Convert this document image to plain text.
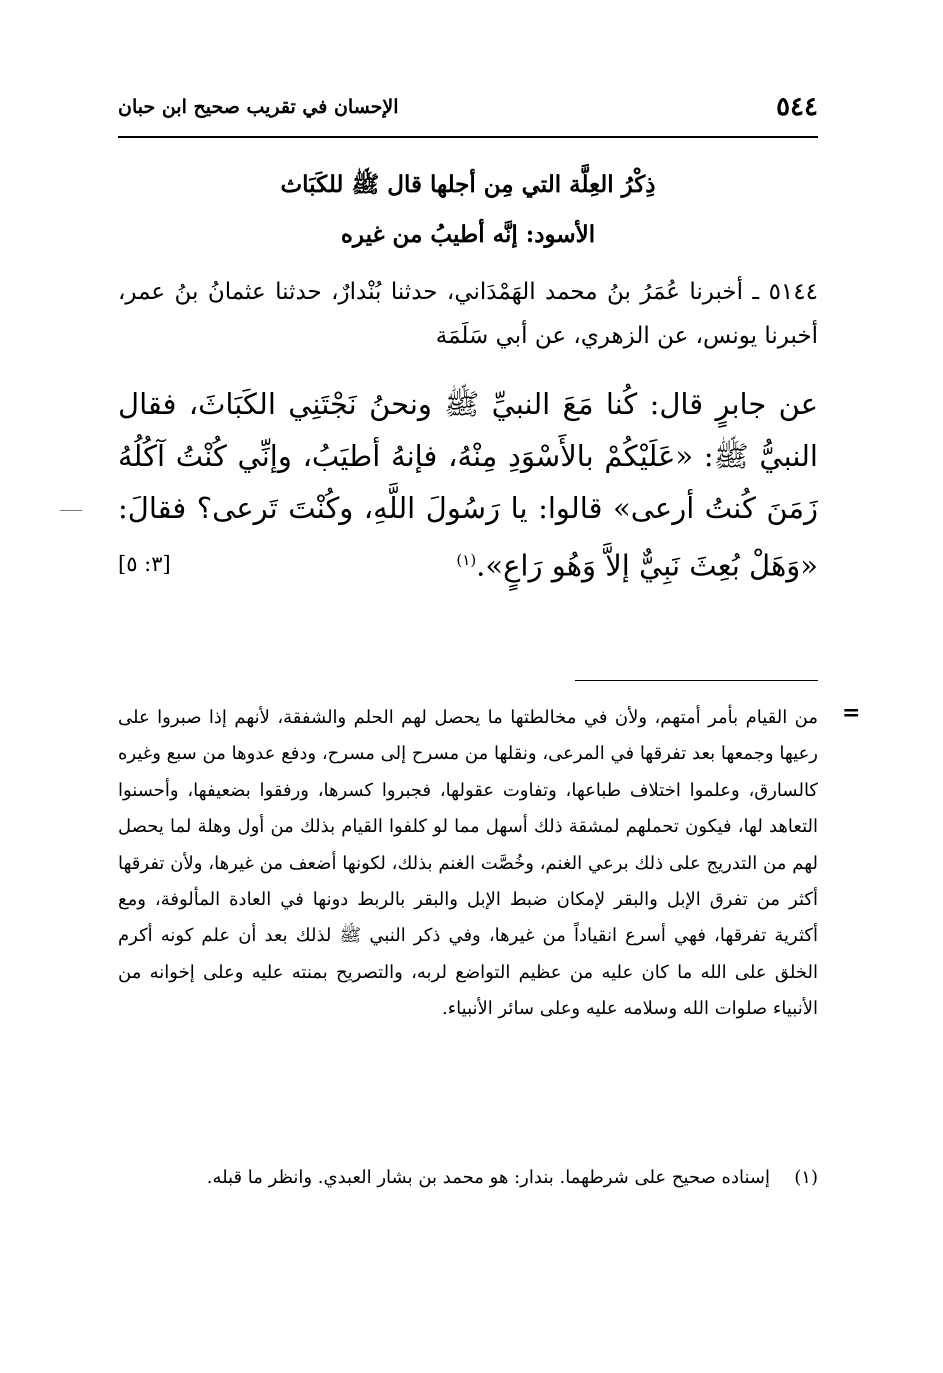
٥٤٤
الإحسان في تقريب صحيح ابن حبان
ذِكْرُ العِلَّة التي مِن أجلها قال ﷺ للكَبَاث
الأسود: إنَّه أطيبُ من غيره
٥١٤٤ ـ أخبرنا عُمَرُ بنُ محمد الهَمْدَاني، حدثنا بُنْدارٌ، حدثنا عثمانُ بنُ عمر، أخبرنا يونس، عن الزهري، عن أبي سَلَمَة
عن جابرٍ قال: كُنا مَعَ النبيِّ ﷺ ونحنُ نَجْتَنِي الكَبَاثَ، فقال النبيُّ ﷺ: «عَلَيْكُمْ بالأَسْوَدِ مِنْهُ، فإنهُ أطيَبُ، وإنِّي كُنْتُ آكُلُهُ زَمَنَ كُنتُ أرعى» قالوا: يا رَسُولَ اللَّهِ، وكُنْتَ تَرعى؟ فقالَ: «وَهَلْ بُعِثَ نَبِيٌّ إلاَّ وَهُو رَاعٍ».$^{(١)}$
[٣: ٥]
=
من القيام بأمر أمتهم، ولأن في مخالطتها ما يحصل لهم الحلم والشفقة، لأنهم إذا صبروا على رعيها وجمعها بعد تفرقها في المرعى، ونقلها من مسرح إلى مسرح، ودفع عدوها من سبع وغيره كالسارق، وعلموا اختلاف طباعها، وتفاوت عقولها، فجبروا كسرها، ورفقوا بضعيفها، وأحسنوا التعاهد لها، فيكون تحملهم لمشقة ذلك أسهل مما لو كلفوا القيام بذلك من أول وهلة لما يحصل لهم من التدريج على ذلك برعي الغنم، وخُصَّت الغنم بذلك، لكونها أضعف من غيرها، ولأن تفرقها أكثر من تفرق الإبل والبقر لإمكان ضبط الإبل والبقر بالربط دونها في العادة المألوفة، ومع أكثرية تفرقها، فهي أسرع انقياداً من غيرها، وفي ذكر النبي ﷺ لذلك بعد أن علم كونه أكرم الخلق على الله ما كان عليه من عظيم التواضع لربه، والتصريح بمنته عليه وعلى إخوانه من الأنبياء صلوات الله وسلامه عليه وعلى سائر الأنبياء.
(١)
إسناده صحيح على شرطهما. بندار: هو محمد بن بشار العبدي. وانظر ما قبله.
